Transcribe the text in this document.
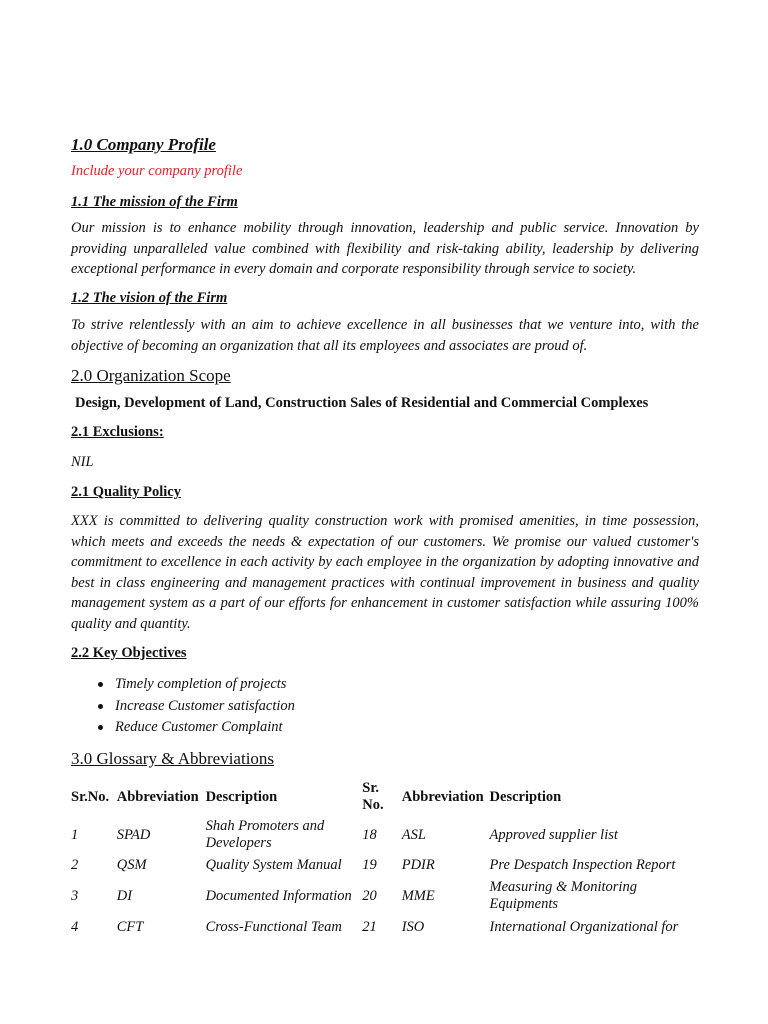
1.0 Company Profile
Include your company profile
1.1 The mission of the Firm
Our mission is to enhance mobility through innovation, leadership and public service. Innovation by providing unparalleled value combined with flexibility and risk-taking ability, leadership by delivering exceptional performance in every domain and corporate responsibility through service to society.
1.2 The vision of the Firm
To strive relentlessly with an aim to achieve excellence in all businesses that we venture into, with the objective of becoming an organization that all its employees and associates are proud of.
2.0 Organization Scope
Design, Development of Land, Construction Sales of Residential and Commercial Complexes
2.1 Exclusions:
NIL
2.1 Quality Policy
XXX is committed to delivering quality construction work with promised amenities, in time possession, which meets and exceeds the needs & expectation of our customers. We promise our valued customer's commitment to excellence in each activity by each employee in the organization by adopting innovative and best in class engineering and management practices with continual improvement in business and quality management system as a part of our efforts for enhancement in customer satisfaction while assuring 100% quality and quantity.
2.2 Key Objectives
Timely completion of projects
Increase Customer satisfaction
Reduce Customer Complaint
3.0 Glossary & Abbreviations
Sr.No.	Abbreviation	Description	Sr. No.	Abbreviation	Description
1	SPAD	Shah Promoters and Developers	18	ASL	Approved supplier list
2	QSM	Quality System Manual	19	PDIR	Pre Despatch Inspection Report
3	DI	Documented Information	20	MME	Measuring & Monitoring Equipments
4	CFT	Cross-Functional Team	21	ISO	International Organizational for
